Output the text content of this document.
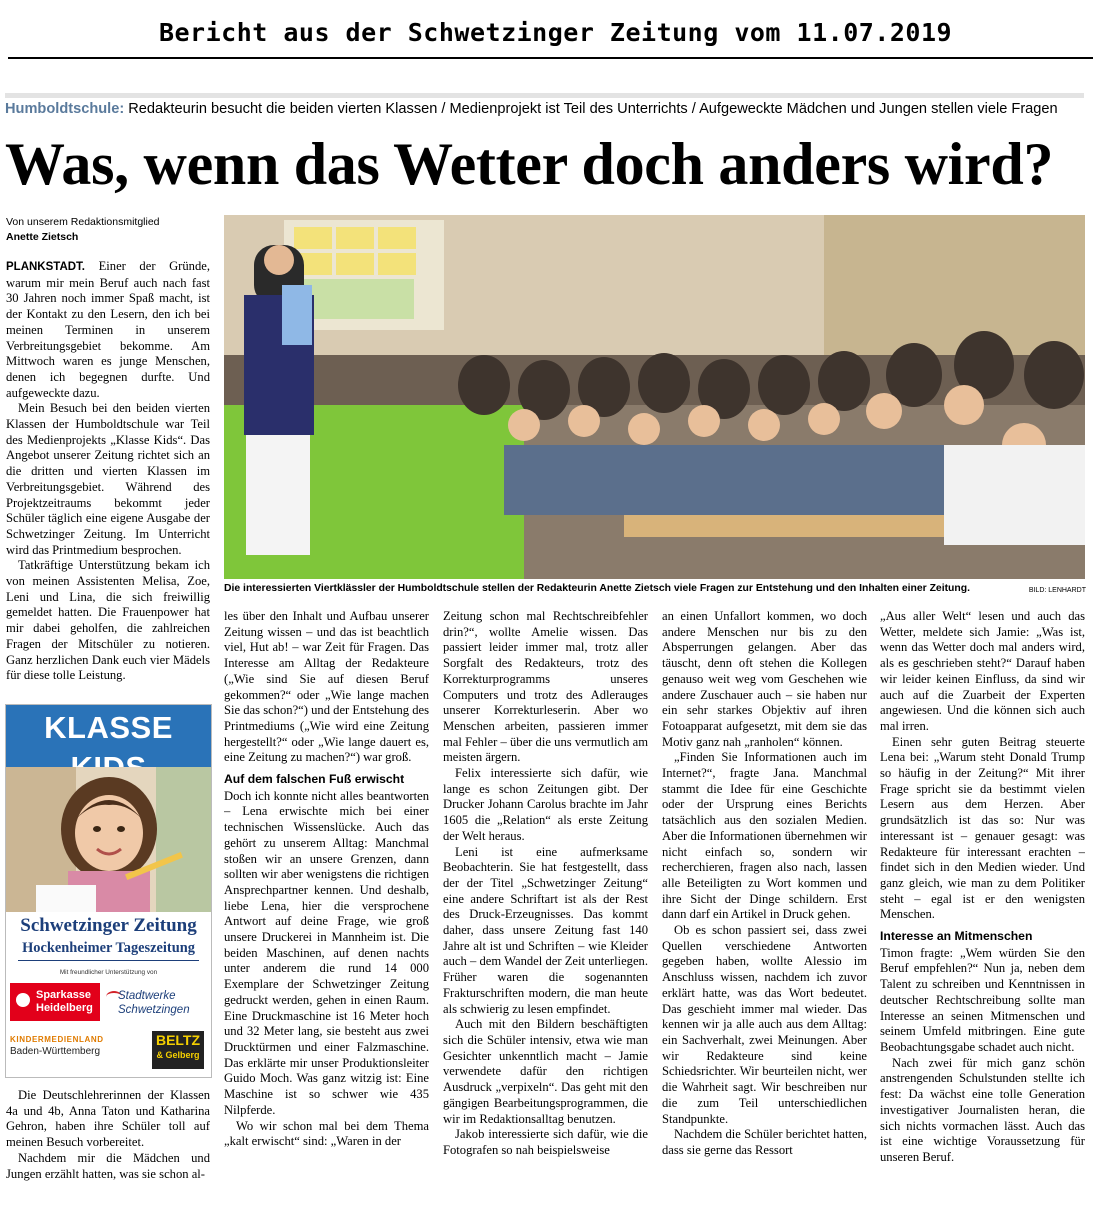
Bericht aus der Schwetzinger Zeitung vom 11.07.2019
Humboldtschule: Redakteurin besucht die beiden vierten Klassen / Medienprojekt ist Teil des Unterrichts / Aufgeweckte Mädchen und Jungen stellen viele Fragen
Was, wenn das Wetter doch anders wird?
Von unserem Redaktionsmitglied
Anette Zietsch

PLANKSTADT. Einer der Gründe, warum mir mein Beruf auch nach fast 30 Jahren noch immer Spaß macht, ist der Kontakt zu den Lesern, den ich bei meinen Terminen in unserem Verbreitungsgebiet bekomme. Am Mittwoch waren es junge Menschen, denen ich begegnen durfte. Und aufgeweckte dazu.

Mein Besuch bei den beiden vierten Klassen der Humboldtschule war Teil des Medienprojekts „Klasse Kids“. Das Angebot unserer Zeitung richtet sich an die dritten und vierten Klassen im Verbreitungsgebiet. Während des Projektzeitraums bekommt jeder Schüler täglich eine eigene Ausgabe der Schwetzinger Zeitung. Im Unterricht wird das Printmedium besprochen.

Tatkräftige Unterstützung bekam ich von meinen Assistenten Melisa, Zoe, Leni und Lina, die sich freiwillig gemeldet hatten. Die Frauenpower hat mir dabei geholfen, die zahlreichen Fragen der Mitschüler zu notieren. Ganz herzlichen Dank euch vier Mädels für diese tolle Leistung.

KLASSE
Schwetzinger Zeitung
Hockenheimer Tageszeitung
Mit freundlicher Unterstützung von
Sparkasse
Heidelberg
Stadtwerke
Schwetzingen
KINDERMEDIENLAND
Baden-Württemberg
BELTZ
& Gelberg

Die Deutschlehrerinnen der Klassen 4a und 4b, Anna Taton und Katharina Gehron, haben ihre Schüler toll auf meinen Besuch vorbereitet.

Nachdem mir die Mädchen und Jungen erzählt hatten, was sie schon al-

Die interessierten Viertklässler der Humboldtschule stellen der Redakteurin Anette Zietsch viele Fragen zur Entstehung und den Inhalten einer Zeitung.	BILD: LENHARDT

les über den Inhalt und Aufbau unserer Zeitung wissen – und das ist beachtlich viel, Hut ab! – war Zeit für Fragen. Das Interesse am Alltag der Redakteure („Wie sind Sie auf diesen Beruf gekommen?“ oder „Wie lange machen Sie das schon?“) und der Entstehung des Printmediums („Wie wird eine Zeitung hergestellt?“ oder „Wie lange dauert es, eine Zeitung zu machen?“) war groß.

Auf dem falschen Fuß erwischt

Doch ich konnte nicht alles beantworten – Lena erwischte mich bei einer technischen Wissenslücke. Auch das gehört zu unserem Alltag: Manchmal stoßen wir an unsere Grenzen, dann sollten wir aber wenigstens die richtigen Ansprechpartner kennen. Und deshalb, liebe Lena, hier die versprochene Antwort auf deine Frage, wie groß unsere Druckerei in Mannheim ist. Die beiden Maschinen, auf denen nachts unter anderem die rund 14 000 Exemplare der Schwetzinger Zeitung gedruckt werden, gehen in einen Raum. Eine Druckmaschine ist 16 Meter hoch und 32 Meter lang, sie besteht aus zwei Drucktürmen und einer Falzmaschine. Das erklärte mir unser Produktionsleiter Guido Moch. Was ganz witzig ist: Eine Maschine ist so schwer wie 435 Nilpferde.

Wo wir schon mal bei dem Thema „kalt erwischt“ sind: „Waren in der

Zeitung schon mal Rechtschreibfehler drin?“, wollte Amelie wissen. Das passiert leider immer mal, trotz aller Sorgfalt des Redakteurs, trotz des Korrekturprogramms unseres Computers und trotz des Adlerauges unserer Korrekturleserin. Aber wo Menschen arbeiten, passieren immer mal Fehler – über die uns vermutlich am meisten ärgern.

Felix interessierte sich dafür, wie lange es schon Zeitungen gibt. Der Drucker Johann Carolus brachte im Jahr 1605 die „Relation“ als erste Zeitung der Welt heraus.

Leni ist eine aufmerksame Beobachterin. Sie hat festgestellt, dass der der Titel „Schwetzinger Zeitung“ eine andere Schriftart ist als der Rest des Druck-Erzeugnisses. Das kommt daher, dass unsere Zeitung fast 140 Jahre alt ist und Schriften – wie Kleider auch – dem Wandel der Zeit unterliegen. Früher waren die sogenannten Frakturschriften modern, die man heute als schwierig zu lesen empfindet.

Auch mit den Bildern beschäftigten sich die Schüler intensiv, etwa wie man Gesichter unkenntlich macht – Jamie verwendete dafür den richtigen Ausdruck „verpixeln“. Das geht mit den gängigen Bearbeitungsprogrammen, die wir im Redaktionsalltag benutzen.

Jakob interessierte sich dafür, wie die Fotografen so nah beispielsweise

an einen Unfallort kommen, wo doch andere Menschen nur bis zu den Absperrungen gelangen. Aber das täuscht, denn oft stehen die Kollegen genauso weit weg vom Geschehen wie andere Zuschauer auch – sie haben nur ein sehr starkes Objektiv auf ihren Fotoapparat aufgesetzt, mit dem sie das Motiv ganz nah „ranholen“ können.

„Finden Sie Informationen auch im Internet?“, fragte Jana. Manchmal stammt die Idee für eine Geschichte oder der Ursprung eines Berichts tatsächlich aus den sozialen Medien. Aber die Informationen übernehmen wir nicht einfach so, sondern wir recherchieren, fragen also nach, lassen alle Beteiligten zu Wort kommen und ihre Sicht der Dinge schildern. Erst dann darf ein Artikel in Druck gehen.

Ob es schon passiert sei, dass zwei Quellen verschiedene Antworten gegeben haben, wollte Alessio im Anschluss wissen, nachdem ich zuvor erklärt hatte, was das Wort bedeutet. Das geschieht immer mal wieder. Das kennen wir ja alle auch aus dem Alltag: ein Sachverhalt, zwei Meinungen. Aber wir Redakteure sind keine Schiedsrichter. Wir beurteilen nicht, wer die Wahrheit sagt. Wir beschreiben nur die zum Teil unterschiedlichen Standpunkte.

Nachdem die Schüler berichtet hatten, dass sie gerne das Ressort

„Aus aller Welt“ lesen und auch das Wetter, meldete sich Jamie: „Was ist, wenn das Wetter doch mal anders wird, als es geschrieben steht?“ Darauf haben wir leider keinen Einfluss, da sind wir auch auf die Zuarbeit der Experten angewiesen. Und die können sich auch mal irren.

Einen sehr guten Beitrag steuerte Lena bei: „Warum steht Donald Trump so häufig in der Zeitung?“ Mit ihrer Frage spricht sie da bestimmt vielen Lesern aus dem Herzen. Aber grundsätzlich ist das so: Nur was interessant ist – genauer gesagt: was Redakteure für interessant erachten – findet sich in den Medien wieder. Und ganz gleich, wie man zu dem Politiker steht – egal ist er den wenigsten Menschen.

Interesse an Mitmenschen

Timon fragte: „Wem würden Sie den Beruf empfehlen?“ Nun ja, neben dem Talent zu schreiben und Kenntnissen in deutscher Rechtschreibung sollte man Interesse an seinen Mitmenschen und seinem Umfeld mitbringen. Eine gute Beobachtungsgabe schadet auch nicht.

Nach zwei für mich ganz schön anstrengenden Schulstunden stellte ich fest: Da wächst eine tolle Generation investigativer Journalisten heran, die sich nichts vormachen lässt. Auch das ist eine wichtige Voraussetzung für unseren Beruf.
